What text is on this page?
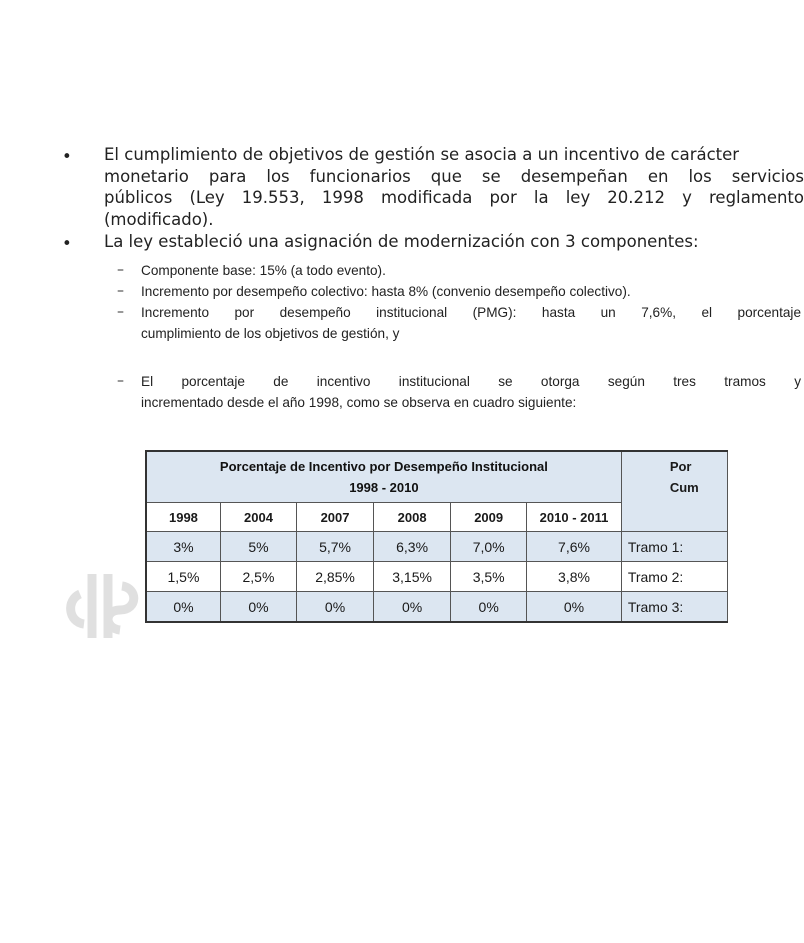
• El cumplimiento de objetivos de gestión se asocia a un incentivo de carácter
monetario para los funcionarios que se desempeñan en los servicios
públicos (Ley 19.553, 1998 modificada por la ley 20.212 y reglamento
(modificado).
• La ley estableció una asignación de modernización con 3 componentes:
– Componente base: 15% (a todo evento).
– Incremento por desempeño colectivo: hasta 8% (convenio desempeño colectivo).
– Incremento por desempeño institucional (PMG): hasta un 7,6%, el porcentaje
cumplimiento de los objetivos de gestión, y
– El porcentaje de incentivo institucional se otorga según tres tramos y
incrementado desde el año 1998, como se observa en cuadro siguiente:
Porcentaje de Incentivo por Desempeño Institucional
1998 - 2010						Por
Cum

1998	2004	2007	2008	2009	2010 - 2011	
3%	5%	5,7%	6,3%	7,0%	7,6%	Tramo 1:
1,5%	2,5%	2,85%	3,15%	3,5%	3,8%	Tramo 2:
0%	0%	0%	0%	0%	0%	Tramo 3:
